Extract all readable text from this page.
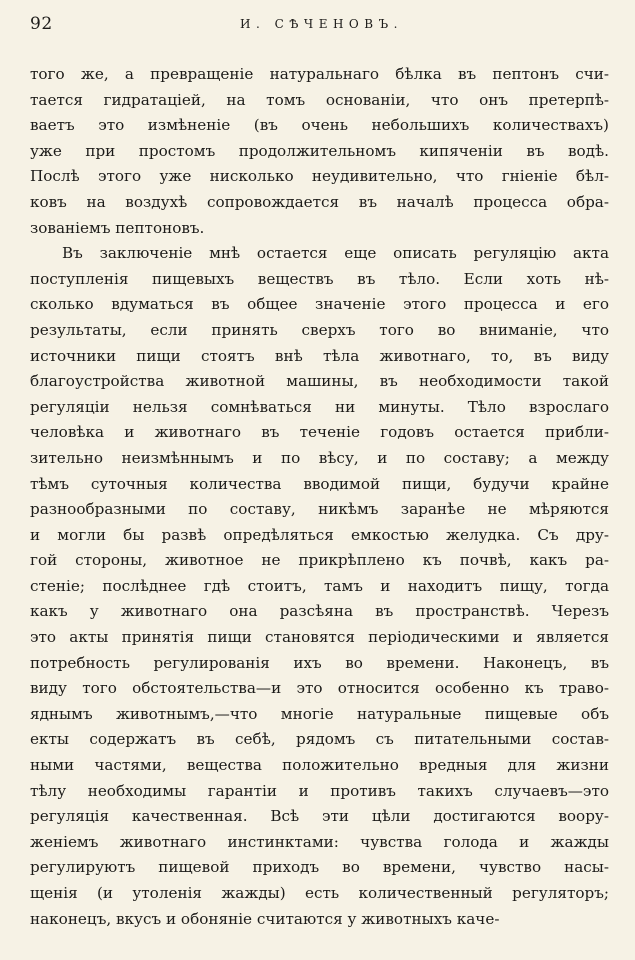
92	И. СѢЧЕНОВЪ.
того же, а превращеніе натуральнаго бѣлка въ пептонъ счи-
тается гидратаціей, на томъ основаніи, что онъ претерпѣ-
ваетъ это измѣненіе (въ очень небольшихъ количествахъ)
уже при простомъ продолжительномъ кипяченіи въ водѣ.
Послѣ этого уже нисколько неудивительно, что гніеніе бѣл-
ковъ на воздухѣ сопровождается въ началѣ процесса обра-
зованіемъ пептоновъ.
Въ заключеніе мнѣ остается еще описать регуляцію акта
поступленія пищевыхъ веществъ въ тѣло. Если хоть нѣ-
сколько вдуматься въ общее значеніе этого процесса и его
результаты, если принять сверхъ того во вниманіе, что
источники пищи стоятъ внѣ тѣла животнаго, то, въ виду
благоустройства животной машины, въ необходимости такой
регуляціи нельзя сомнѣваться ни минуты. Тѣло взрослаго
человѣка и животнаго въ теченіе годовъ остается прибли-
зительно неизмѣннымъ и по вѣсу, и по составу; а между
тѣмъ суточныя количества вводимой пищи, будучи крайне
разнообразными по составу, никѣмъ заранѣе не мѣряются
и могли бы развѣ опредѣляться емкостью желудка. Съ дру-
гой стороны, животное не прикрѣплено къ почвѣ, какъ ра-
стеніе; послѣднее гдѣ стоитъ, тамъ и находитъ пищу, тогда
какъ у животнаго она разсѣяна въ пространствѣ. Черезъ
это акты принятія пищи становятся періодическими и является
потребность регулированія ихъ во времени. Наконецъ, въ
виду того обстоятельства—и это относится особенно къ траво-
яднымъ животнымъ,—что многіе натуральные пищевые объ
екты содержатъ въ себѣ, рядомъ съ питательными состав-
ными частями, вещества положительно вредныя для жизни
тѣлу необходимы гарантіи и противъ такихъ случаевъ—это
регуляція качественная. Всѣ эти цѣли достигаются воору-
женіемъ животнаго инстинктами: чувства голода и жажды
регулируютъ пищевой приходъ во времени, чувство насы-
щенія (и утоленія жажды) есть количественный регуляторъ;
наконецъ, вкусъ и обоняніе считаются у животныхъ каче-
